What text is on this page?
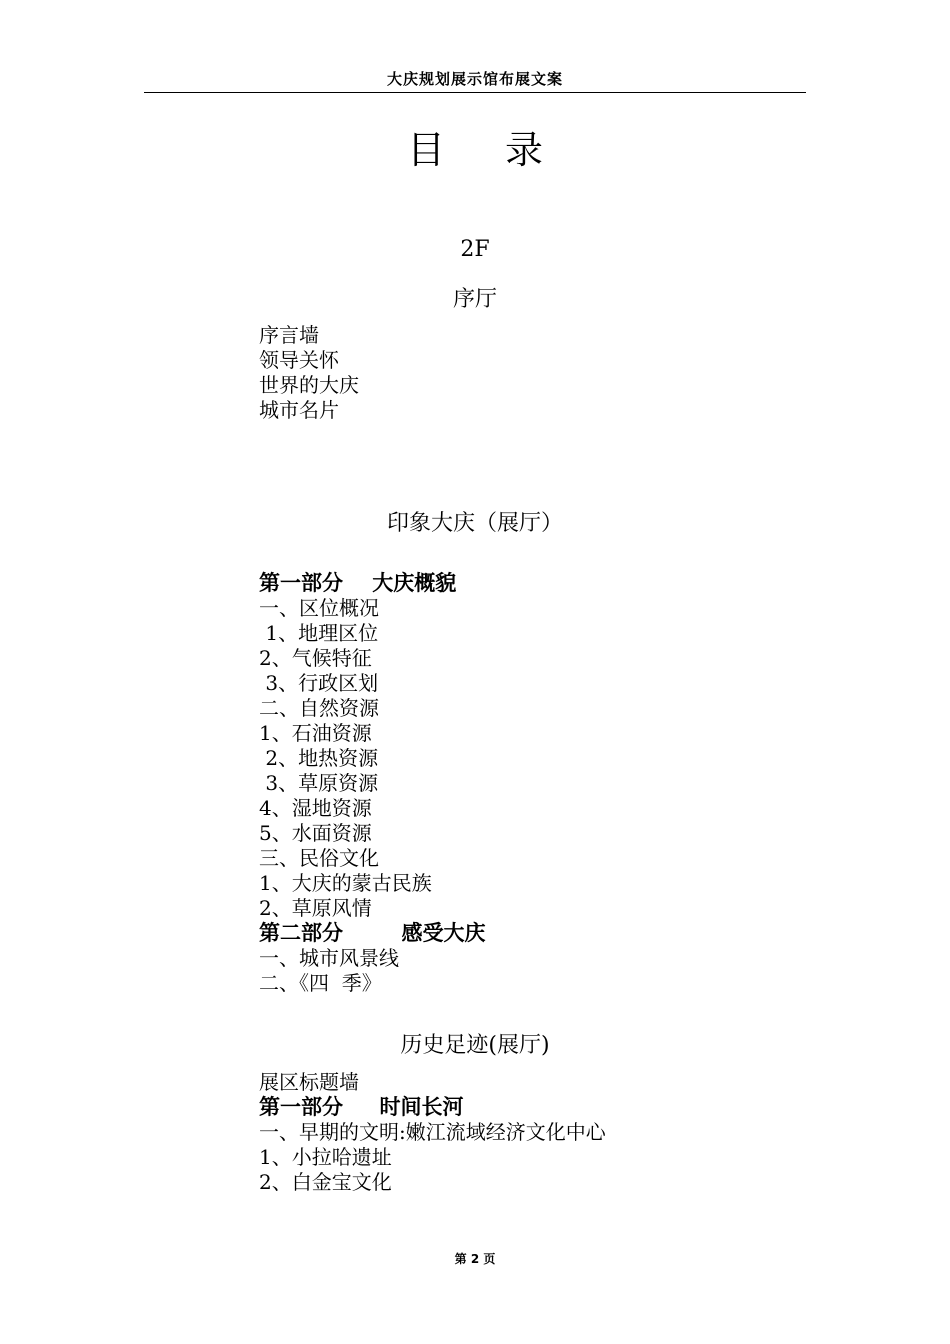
大庆规划展示馆布展文案
目 录
2F
序厅
序言墙
领导关怀
世界的大庆
城市名片
印象大庆（展厅）
第一部分    大庆概貌
一、区位概况
1、地理区位
2、气候特征
3、行政区划
二、自然资源
1、石油资源
2、地热资源
3、草原资源
4、湿地资源
5、水面资源
三、民俗文化
1、大庆的蒙古民族
2、草原风情
第二部分        感受大庆
一、城市风景线
二、《四  季》
历史足迹(展厅)
展区标题墙
第一部分     时间长河
一、早期的文明:嫩江流域经济文化中心
1、小拉哈遗址
2、白金宝文化
第 2 页
